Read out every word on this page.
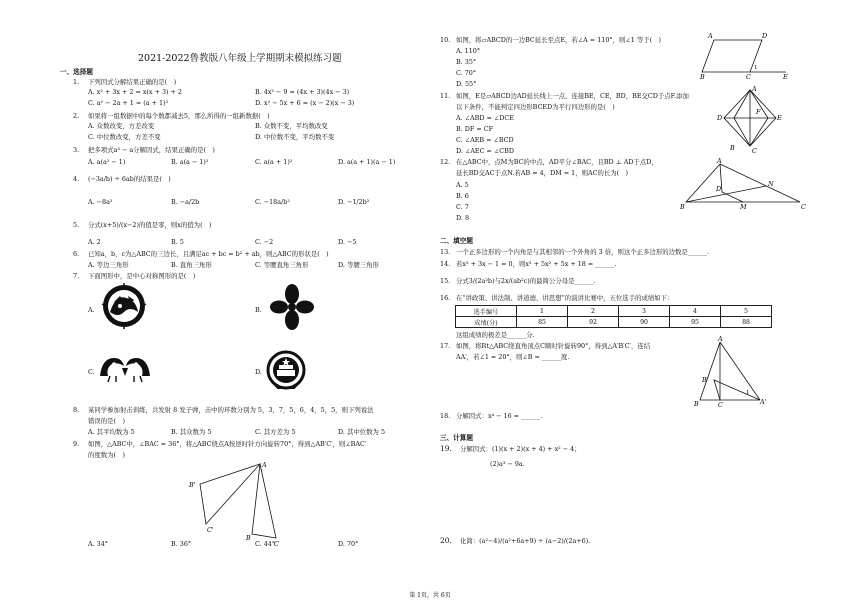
2021-2022鲁教版八年级上学期期末模拟练习题
一、选择题
1. 下列因式分解结果正确的是(　)
A. x² + 3x + 2 = x(x + 3) + 2	B. 4x² − 9 = (4x + 3)(4x − 3)
C. a² − 2a + 1 = (a + 1)²	D. x² − 5x + 6 = (x − 2)(x − 3)
2. 如果将一组数据中的每个数都减去5，那么所得的一组新数据(　)
A. 众数改变，方差改变	B. 众数不变，平均数改变
C. 中位数改变，方差不变	D. 中位数不变，平均数不变
3. 把多项式a³ − a分解因式，结果正确的是(　)
A. a(a² − 1)	B. a(a − 1)²	C. a(a + 1)²	D. a(a + 1)(a − 1)
4. (−3a/b) ÷ 6ab的结果是(　)
A. −8a²	B. −a/2b	C. −18a/b²	D. −1/2b²
5. 分式(x+5)/(x−2)的值是零，则x的值为(　)
A. 2	B. 5	C. −2	D. −5
6. 已知a，b，c为△ABC的三边长，且满足ac + bc = b² + ab，则△ABC的形状是(　)
A. 等边三角形	B. 直角三角形	C. 等腰直角三角形	D. 等腰三角形
7. 下面图形中，是中心对称图形的是(　)
A.	B.
C.	D.
8. 某同学参加射击训练，共发射 8 发子弹，击中的环数分别为 5，3，7，5，6，4，5，5，则下列说法
错误的是(　)
A. 其平均数为 5	B. 其众数为 5	C. 其方差为 5	D. 其中位数为 5
9. 如图，△ABC中，∠BAC = 36°，将△ABC绕点A按逆时针方向旋转70°，得到△AB′C′，则∠BAC′
的度数为(　)
A
B'
C'
B
C
A. 34°	B. 36°	C. 44°	D. 70°
10. 如图，将▱ABCD的一边BC延长至点E，若∠A = 110°，则∠1 等于(　)
A. 110°
B. 35°
C. 70°
D. 55°
A	D
B	C	E
1
11. 如图，E是▱ABCD边AD延长线上一点，连接BE，CE，BD，BE交CD于点F.添加
以下条件，不能判定四边形BCED为平行四边形的是(　)
A. ∠ABD = ∠DCE
B. DF = CF
C. ∠AEB = ∠BCD
D. ∠AEC = ∠CBD
A
D	E
F
B	C
12. 在△ABC中，点M为BC的中点，AD平分∠BAC，且BD ⊥ AD于点D，
延长BD交AC于点N.若AB = 4，DM = 1，则AC的长为(　)
A. 5
B. 6
C. 7
D. 8
A
D
N
B	M	C
二、填空题
13. 一个正多边形的一个内角是与其相邻的一个外角的 3 倍，则这个正多边形的边数是______.
14. 若x² + 3x − 1 = 0，则x³ + 5x² + 5x + 18 = ______.
15. 分式3/(2a²b)与2x/(ab²c)的最简公分母是______.
16. 在“讲政策、讲法制、讲道德、讲思想”的演讲比赛中，五位选手的成绩如下：
选手编号	1	2	3	4	5
成绩(分)	85	92	90	95	88
这组成绩的极差是______分.
17. 如图，将Rt△ABC绕直角顶点C顺时针旋转90°，得到△A′B′C′，连结
AA′，若∠1 = 20°，则∠B = ______度.
A
B'
B	C	A'
1
18. 分解因式：x⁴ − 16 = ______.
三、计算题
19. 分解因式：(1)(x + 2)(x + 4) + x² − 4；
(2)a³ − 9a.
20. 化简：(a²−4)/(a²+6a+9) ÷ (a−2)/(2a+6).
第 1页，共 6页
